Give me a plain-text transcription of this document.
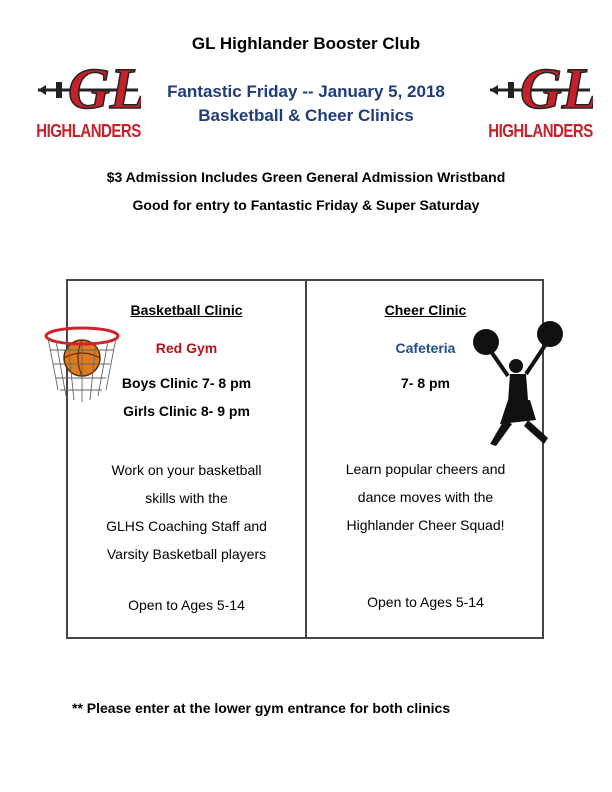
GL Highlander Booster Club
Fantastic Friday -- January 5, 2018
Basketball & Cheer Clinics
GL
HIGHLANDERS
GL
HIGHLANDERS
$3 Admission Includes Green General Admission Wristband
Good for entry to Fantastic Friday & Super Saturday
Basketball Clinic
Red Gym
Boys Clinic 7- 8 pm
Girls Clinic 8- 9 pm
Work on your basketball
skills with the
GLHS Coaching Staff and
Varsity Basketball players
Open to Ages 5-14
Cheer Clinic
Cafeteria
7- 8 pm
Learn popular cheers and
dance moves with the
Highlander Cheer Squad!
Open to Ages 5-14
** Please enter at the lower gym entrance for both clinics
